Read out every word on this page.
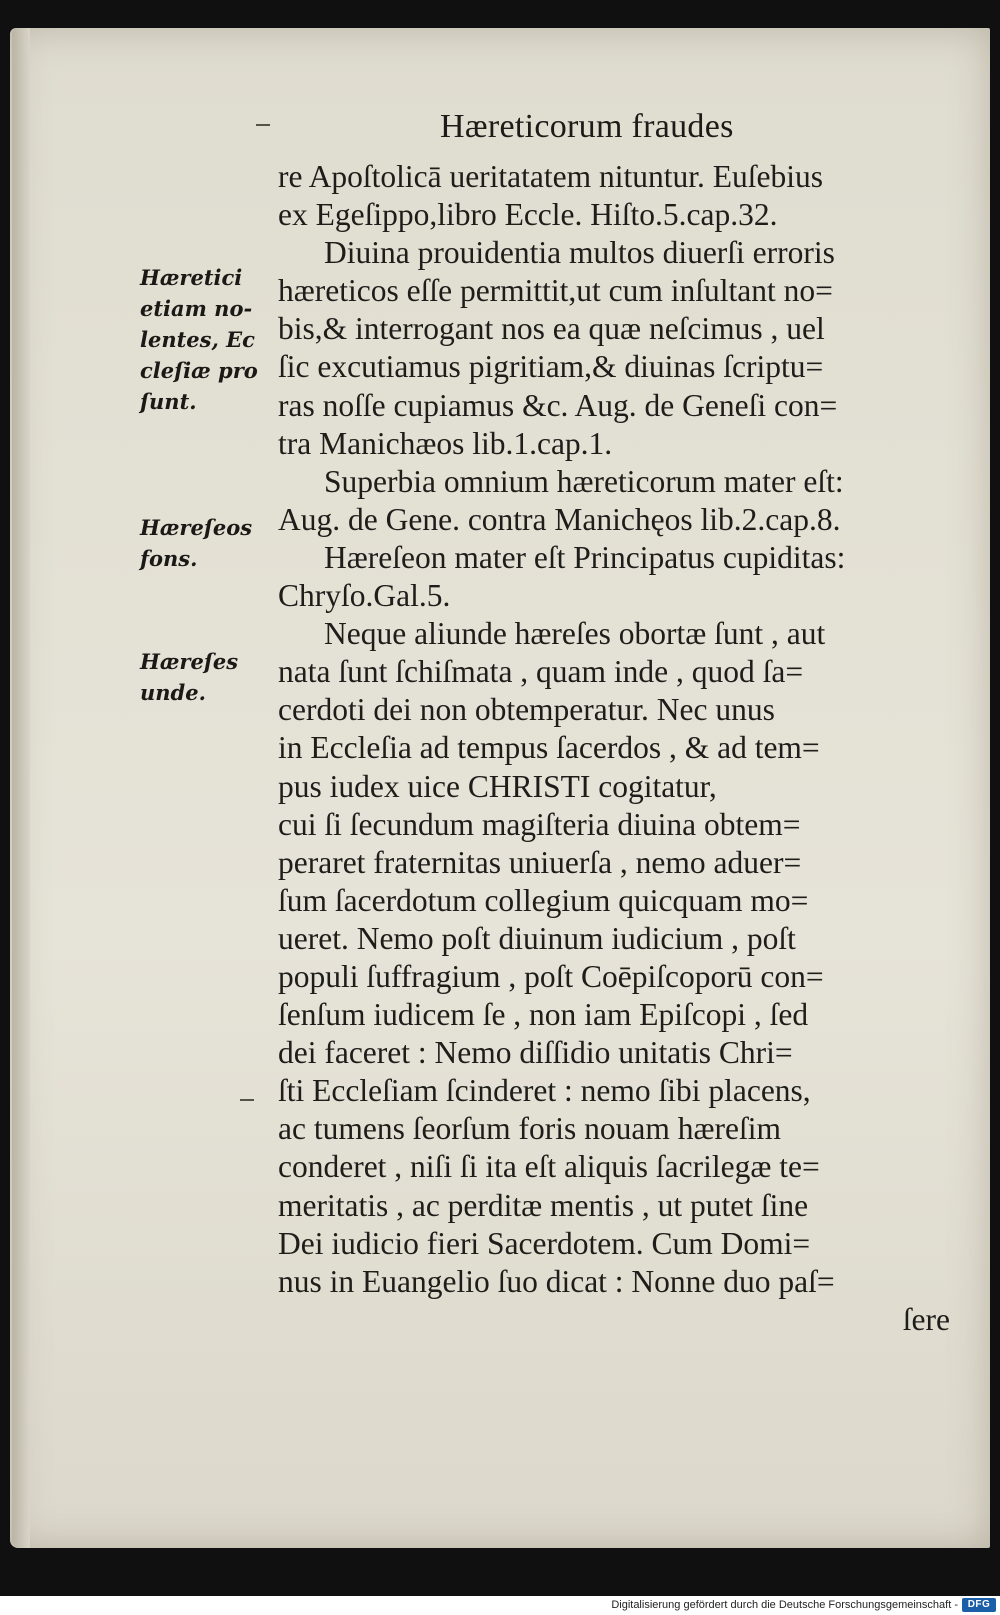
Hæreticorum fraudes
re Apoſtolicā ueritatatem nituntur. Euſebius
ex Egeſippo,libro Eccle. Hiſto.5.cap.32.
Diuina prouidentia multos diuerſi erroris
hæreticos eſſe permittit,ut cum inſultant no=
bis,& interrogant nos ea quæ neſcimus , uel
ſic excutiamus pigritiam,& diuinas ſcriptu=
ras noſſe cupiamus &c. Aug. de Geneſi con=
tra Manichæos lib.1.cap.1.
Superbia omnium hæreticorum mater eſt:
Aug. de Gene. contra Manichęos lib.2.cap.8.
Hæreſeon mater eſt Principatus cupiditas:
Chryſo.Gal.5.
Neque aliunde hæreſes obortæ ſunt , aut
nata ſunt ſchiſmata , quam inde , quod ſa=
cerdoti dei non obtemperatur. Nec unus
in Eccleſia ad tempus ſacerdos , & ad tem=
pus iudex uice CHRISTI cogitatur,
cui ſi ſecundum magiſteria diuina obtem=
peraret fraternitas uniuerſa , nemo aduer=
ſum ſacerdotum collegium quicquam mo=
ueret. Nemo poſt diuinum iudicium , poſt
populi ſuffragium , poſt Coēpiſcoporū con=
ſenſum iudicem ſe , non iam Epiſcopi , ſed
dei faceret : Nemo diſſidio unitatis Chri=
ſti Eccleſiam ſcinderet : nemo ſibi placens,
ac tumens ſeorſum foris nouam hæreſim
conderet , niſi ſi ita eſt aliquis ſacrilegæ te=
meritatis , ac perditæ mentis , ut putet ſine
Dei iudicio fieri Sacerdotem. Cum Domi=
nus in Euangelio ſuo dicat : Nonne duo paſ=
ſere
Hæretici
etiam no-
lentes, Ec
cleſiæ pro
ſunt.
Hæreſeos
fons.
Hæreſes
unde.
Digitalisierung gefördert durch die Deutsche Forschungsgemeinschaft - DFG
